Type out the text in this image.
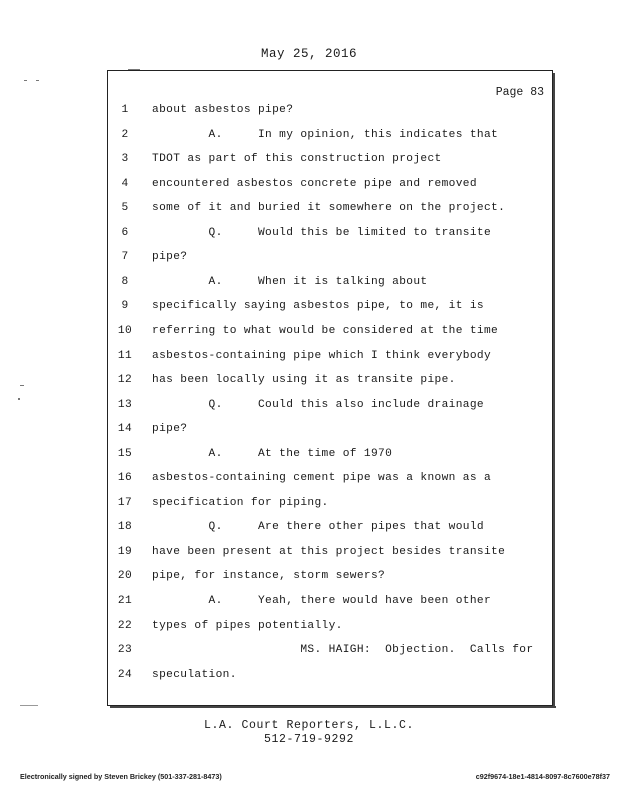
May 25, 2016
Page 83
1	about asbestos pipe?
2	A.     In my opinion, this indicates that
3	TDOT as part of this construction project
4	encountered asbestos concrete pipe and removed
5	some of it and buried it somewhere on the project.
6	Q.     Would this be limited to transite
7	pipe?
8	A.     When it is talking about
9	specifically saying asbestos pipe, to me, it is
10 referring to what would be considered at the time
11 asbestos-containing pipe which I think everybody
12 has been locally using it as transite pipe.
13 Q.     Could this also include drainage
14 pipe?
15 A.     At the time of 1970
16 asbestos-containing cement pipe was a known as a
17 specification for piping.
18 Q.     Are there other pipes that would
19 have been present at this project besides transite
20 pipe, for instance, storm sewers?
21 A.     Yeah, there would have been other
22 types of pipes potentially.
23 MS. HAIGH:  Objection.  Calls for
24 speculation.
L.A. Court Reporters, L.L.C.
512-719-9292
Electronically signed by Steven Brickey (501-337-281-8473)	c92f9674-18e1-4814-8097-8c7600e78f37
